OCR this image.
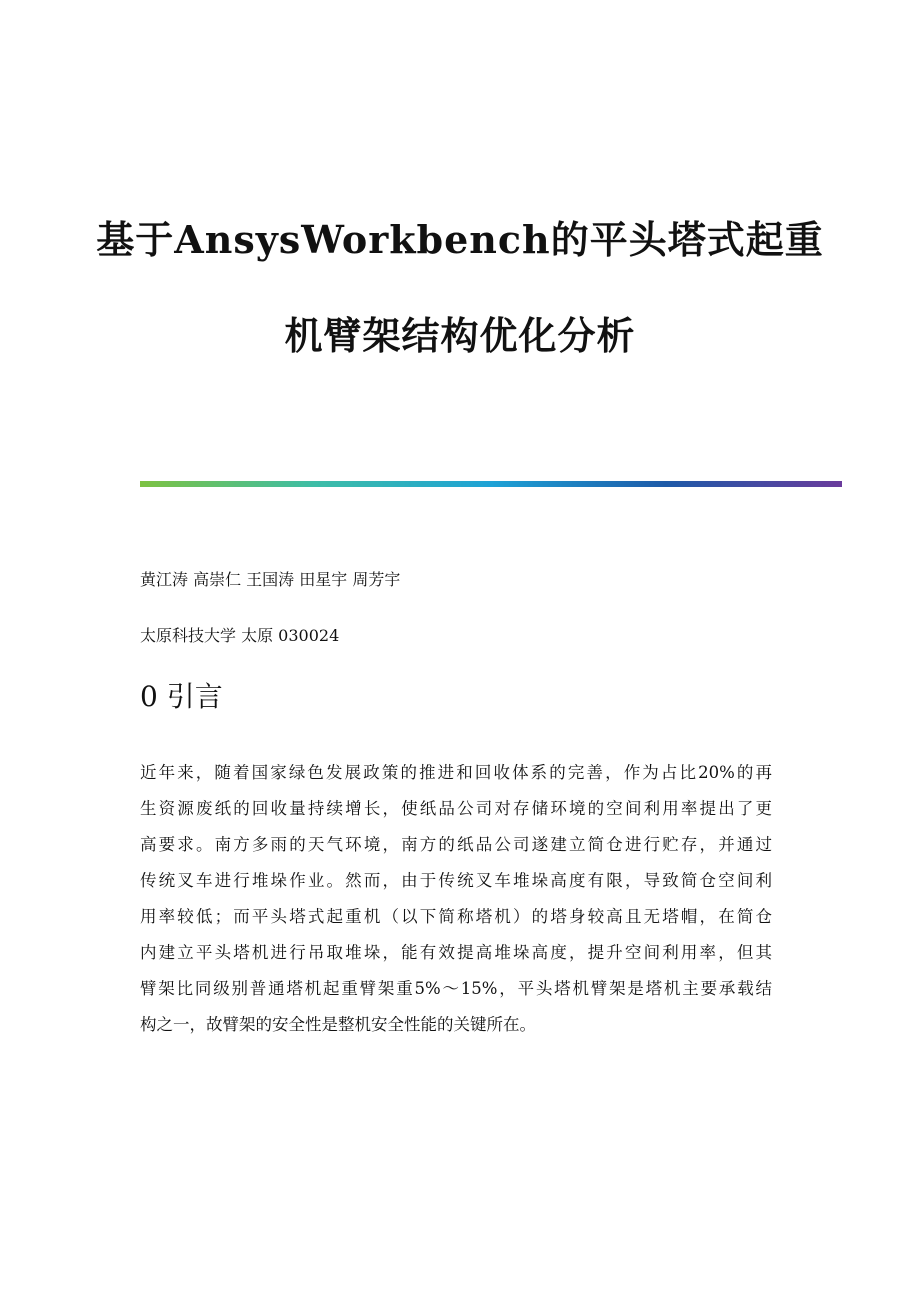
基于AnsysWorkbench的平头塔式起重
机臂架结构优化分析
黄江涛 高崇仁 王国涛 田星宇 周芳宇
太原科技大学 太原 030024
0 引言
近年来，随着国家绿色发展政策的推进和回收体系的完善，作为占比20%的再
生资源废纸的回收量持续增长，使纸品公司对存储环境的空间利用率提出了更
高要求。南方多雨的天气环境，南方的纸品公司遂建立简仓进行贮存，并通过
传统叉车进行堆垛作业。然而，由于传统叉车堆垛高度有限，导致简仓空间利
用率较低；而平头塔式起重机（以下简称塔机）的塔身较高且无塔帽，在简仓
内建立平头塔机进行吊取堆垛，能有效提高堆垛高度，提升空间利用率，但其
臂架比同级别普通塔机起重臂架重5%～15%，平头塔机臂架是塔机主要承载结
构之一，故臂架的安全性是整机安全性能的关键所在。
